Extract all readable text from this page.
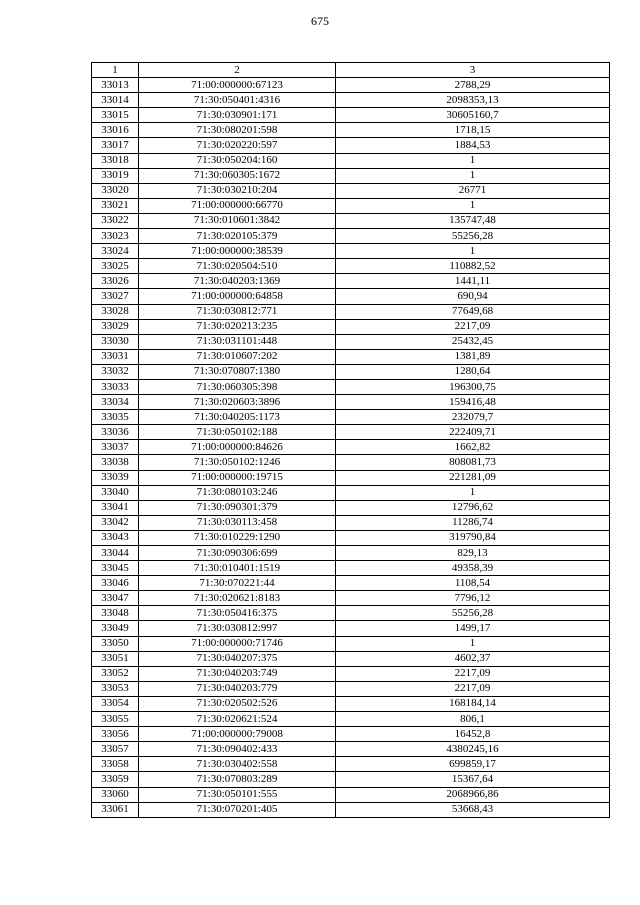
675
1	2	3
33013	71:00:000000:67123	2788,29
33014	71:30:050401:4316	2098353,13
33015	71:30:030901:171	30605160,7
33016	71:30:080201:598	1718,15
33017	71:30:020220:597	1884,53
33018	71:30:050204:160	1
33019	71:30:060305:1672	1
33020	71:30:030210:204	26771
33021	71:00:000000:66770	1
33022	71:30:010601:3842	135747,48
33023	71:30:020105:379	55256,28
33024	71:00:000000:38539	1
33025	71:30:020504:510	110882,52
33026	71:30:040203:1369	1441,11
33027	71:00:000000:64858	690,94
33028	71:30:030812:771	77649,68
33029	71:30:020213:235	2217,09
33030	71:30:031101:448	25432,45
33031	71:30:010607:202	1381,89
33032	71:30:070807:1380	1280,64
33033	71:30:060305:398	196300,75
33034	71:30:020603:3896	159416,48
33035	71:30:040205:1173	232079,7
33036	71:30:050102:188	222409,71
33037	71:00:000000:84626	1662,82
33038	71:30:050102:1246	808081,73
33039	71:00:000000:19715	221281,09
33040	71:30:080103:246	1
33041	71:30:090301:379	12796,62
33042	71:30:030113:458	11286,74
33043	71:30:010229:1290	319790,84
33044	71:30:090306:699	829,13
33045	71:30:010401:1519	49358,39
33046	71:30:070221:44	1108,54
33047	71:30:020621:8183	7796,12
33048	71:30:050416:375	55256,28
33049	71:30:030812:997	1499,17
33050	71:00:000000:71746	1
33051	71:30:040207:375	4602,37
33052	71:30:040203:749	2217,09
33053	71:30:040203:779	2217,09
33054	71:30:020502:526	168184,14
33055	71:30:020621:524	806,1
33056	71:00:000000:79008	16452,8
33057	71:30:090402:433	4380245,16
33058	71:30:030402:558	699859,17
33059	71:30:070803:289	15367,64
33060	71:30:050101:555	2068966,86
33061	71:30:070201:405	53668,43
